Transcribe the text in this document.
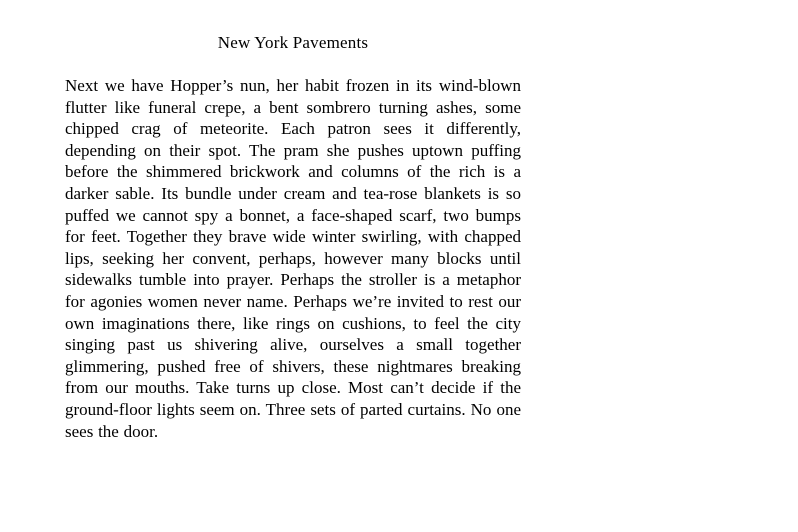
New York Pavements

Next we have Hopper’s nun, her habit frozen in its wind-blown flutter like funeral crepe, a bent sombrero turning ashes, some chipped crag of meteorite. Each patron sees it differently, depending on their spot. The pram she pushes uptown puffing before the shimmered brickwork and columns of the rich is a darker sable. Its bundle under cream and tea-rose blankets is so puffed we cannot spy a bonnet, a face-shaped scarf, two bumps for feet. Together they brave wide winter swirling, with chapped lips, seeking her convent, perhaps, however many blocks until sidewalks tumble into prayer. Perhaps the stroller is a metaphor for agonies women never name. Perhaps we’re invited to rest our own imaginations there, like rings on cushions, to feel the city singing past us shivering alive, ourselves a small together glimmering, pushed free of shivers, these nightmares breaking from our mouths. Take turns up close. Most can’t decide if the ground-floor lights seem on. Three sets of parted curtains. No one sees the door.
